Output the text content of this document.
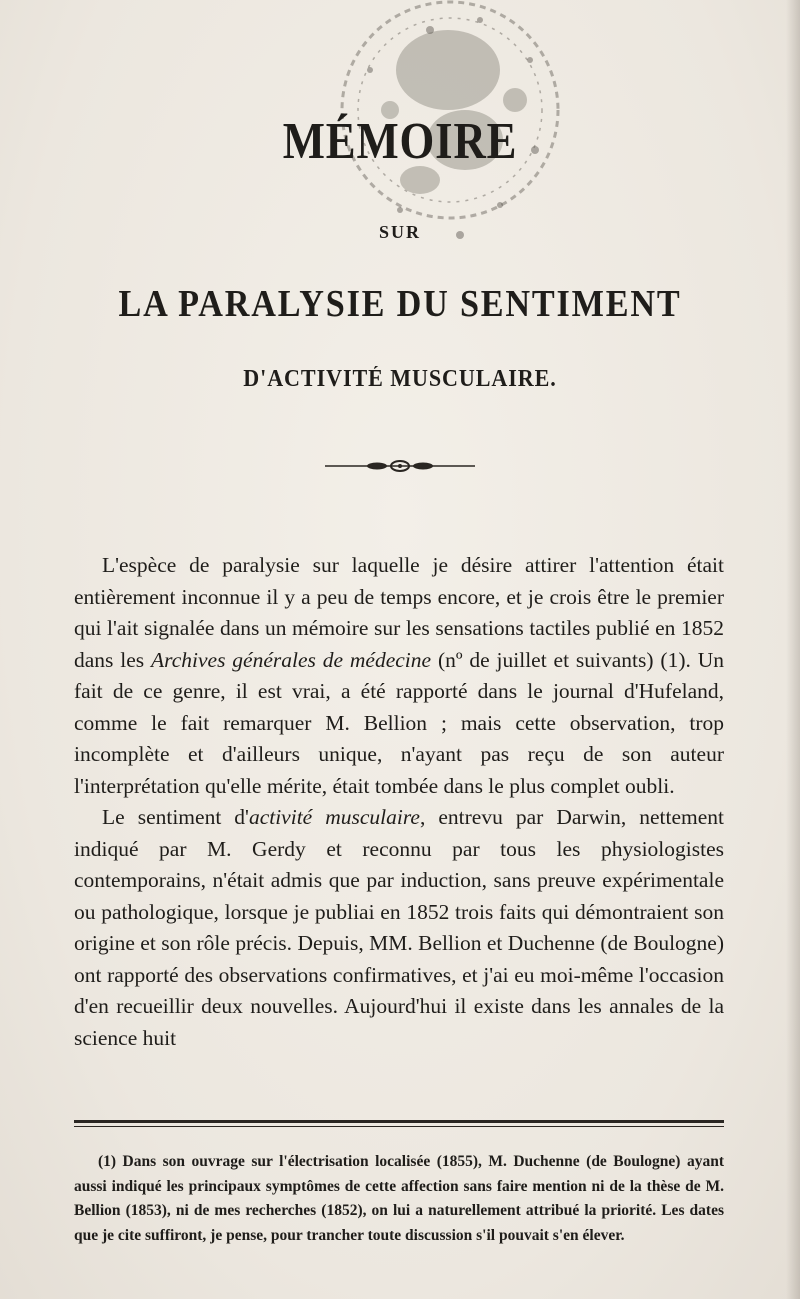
MÉMOIRE
SUR
LA PARALYSIE DU SENTIMENT
D'ACTIVITÉ MUSCULAIRE.

L'espèce de paralysie sur laquelle je désire attirer l'attention était entièrement inconnue il y a peu de temps encore, et je crois être le premier qui l'ait signalée dans un mémoire sur les sensations tactiles publié en 1852 dans les Archives générales de médecine (nº de juillet et suivants) (1). Un fait de ce genre, il est vrai, a été rapporté dans le journal d'Hufeland, comme le fait remarquer M. Bellion ; mais cette observation, trop incomplète et d'ailleurs unique, n'ayant pas reçu de son auteur l'interprétation qu'elle mérite, était tombée dans le plus complet oubli.

Le sentiment d'activité musculaire, entrevu par Darwin, nettement indiqué par M. Gerdy et reconnu par tous les physiologistes contemporains, n'était admis que par induction, sans preuve expérimentale ou pathologique, lorsque je publiai en 1852 trois faits qui démontraient son origine et son rôle précis. Depuis, MM. Bellion et Duchenne (de Boulogne) ont rapporté des observations confirmatives, et j'ai eu moi-même l'occasion d'en recueillir deux nouvelles. Aujourd'hui il existe dans les annales de la science huit

(1) Dans son ouvrage sur l'électrisation localisée (1855), M. Duchenne (de Boulogne) ayant aussi indiqué les principaux symptômes de cette affection sans faire mention ni de la thèse de M. Bellion (1853), ni de mes recherches (1852), on lui a naturellement attribué la priorité. Les dates que je cite suffiront, je pense, pour trancher toute discussion s'il pouvait s'en élever.
